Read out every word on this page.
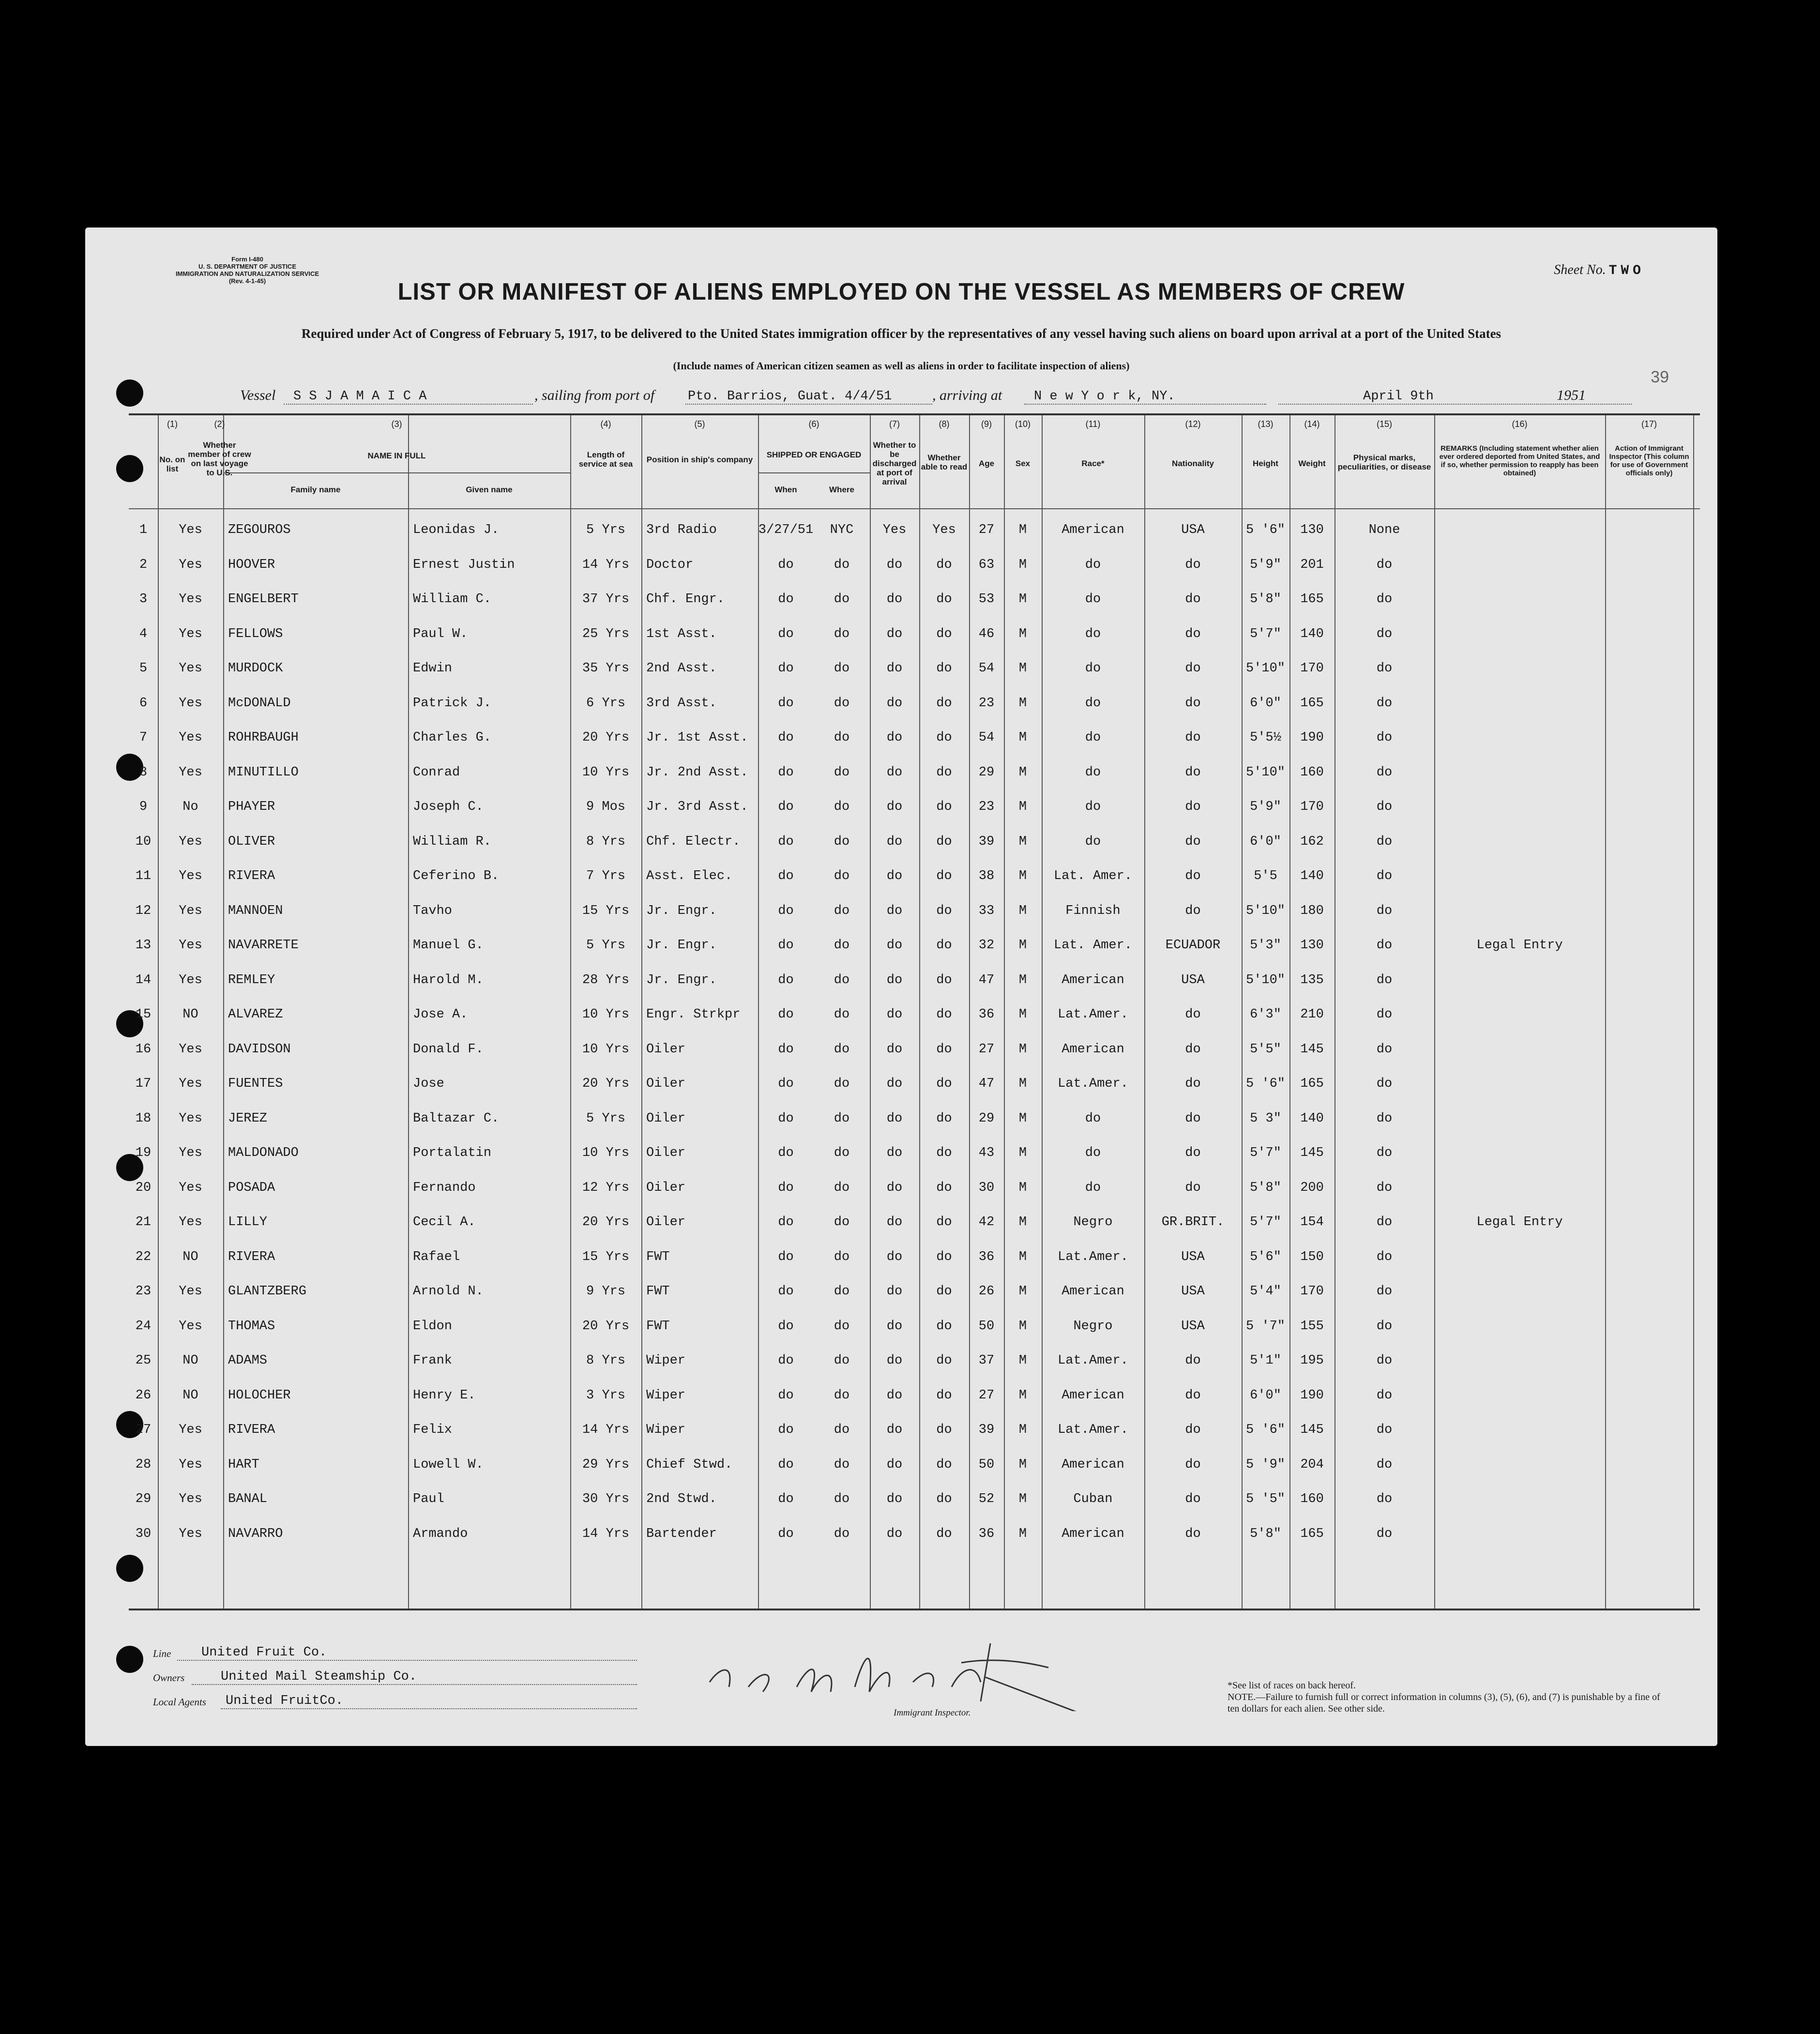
Form I-480
U. S. DEPARTMENT OF JUSTICE
IMMIGRATION AND NATURALIZATION SERVICE
(Rev. 4-1-45)
Sheet No. TWO
39
LIST OR MANIFEST OF ALIENS EMPLOYED ON THE VESSEL AS MEMBERS OF CREW
Required under Act of Congress of February 5, 1917, to be delivered to the United States immigration officer by the representatives of any vessel having such aliens on board upon arrival at a port of the United States
(Include names of American citizen seamen as well as aliens in order to facilitate inspection of aliens)
Vessel S S J A M A I C A	, sailing from port of	Pto. Barrios, Guat. 4/4/51	, arriving at N e w Y o r k, NY.	April 9th	1951
(1)	(2)	(3)	(4)	(5)	(6)	(7)	(8)	(9)	(10)	(11)	(12)	(13)	(14)	(15)	(16)	(17)
No. on list
Whether member of crew on last voyage to U.S.
NAME IN FULL
Family name	Given name
Length of service at sea	Position in ship's company
SHIPPED OR ENGAGED
When	Where
Whether to be discharged at port of arrival
Whether able to read	Age	Sex	Race*	Nationality	Height	Weight
Physical marks, peculiarities, or disease
REMARKS (Including statement whether alien ever ordered deported from United States, and if so, whether permission to reapply has been obtained)
Action of Immigrant Inspector (This column for use of Government officials only)
1	Yes	ZEGOUROS	Leonidas J.	5 Yrs	3rd Radio	3/27/51	NYC	Yes	Yes	27	M	American	USA	5 '6"	130	None
2	Yes	HOOVER	Ernest Justin	14 Yrs	Doctor	do	do	do	do	63	M	do	do	5'9"	201	do
3	Yes	ENGELBERT	William C.	37 Yrs	Chf. Engr.	do	do	do	do	53	M	do	do	5'8"	165	do
4	Yes	FELLOWS	Paul W.	25 Yrs	1st Asst.	do	do	do	do	46	M	do	do	5'7"	140	do
5	Yes	MURDOCK	Edwin	35 Yrs	2nd Asst.	do	do	do	do	54	M	do	do	5'10"	170	do
6	Yes	McDONALD	Patrick J.	6 Yrs	3rd Asst.	do	do	do	do	23	M	do	do	6'0"	165	do
7	Yes	ROHRBAUGH	Charles G.	20 Yrs	Jr. 1st Asst.	do	do	do	do	54	M	do	do	5'5½	190	do
8	Yes	MINUTILLO	Conrad	10 Yrs	Jr. 2nd Asst.	do	do	do	do	29	M	do	do	5'10"	160	do
9	No	PHAYER	Joseph C.	9 Mos	Jr. 3rd Asst.	do	do	do	do	23	M	do	do	5'9"	170	do
10	Yes	OLIVER	William R.	8 Yrs	Chf. Electr.	do	do	do	do	39	M	do	do	6'0"	162	do
11	Yes	RIVERA	Ceferino B.	7 Yrs	Asst. Elec.	do	do	do	do	38	M	Lat. Amer.	do	5'5	140	do
12	Yes	MANNOEN	Tavho	15 Yrs	Jr. Engr.	do	do	do	do	33	M	Finnish	do	5'10"	180	do
13	Yes	NAVARRETE	Manuel G.	5 Yrs	Jr. Engr.	do	do	do	do	32	M	Lat. Amer.	ECUADOR	5'3"	130	do	Legal Entry
14	Yes	REMLEY	Harold M.	28 Yrs	Jr. Engr.	do	do	do	do	47	M	American	USA	5'10"	135	do
15	NO	ALVAREZ	Jose A.	10 Yrs	Engr. Strkpr	do	do	do	do	36	M	Lat.Amer.	do	6'3"	210	do
16	Yes	DAVIDSON	Donald F.	10 Yrs	Oiler	do	do	do	do	27	M	American	do	5'5"	145	do
17	Yes	FUENTES	Jose	20 Yrs	Oiler	do	do	do	do	47	M	Lat.Amer.	do	5 '6"	165	do
18	Yes	JEREZ	Baltazar C.	5 Yrs	Oiler	do	do	do	do	29	M	do	do	5 3"	140	do
19	Yes	MALDONADO	Portalatin	10 Yrs	Oiler	do	do	do	do	43	M	do	do	5'7"	145	do
20	Yes	POSADA	Fernando	12 Yrs	Oiler	do	do	do	do	30	M	do	do	5'8"	200	do
21	Yes	LILLY	Cecil A.	20 Yrs	Oiler	do	do	do	do	42	M	Negro	GR.BRIT.	5'7"	154	do	Legal Entry
22	NO	RIVERA	Rafael	15 Yrs	FWT	do	do	do	do	36	M	Lat.Amer.	USA	5'6"	150	do
23	Yes	GLANTZBERG	Arnold N.	9 Yrs	FWT	do	do	do	do	26	M	American	USA	5'4"	170	do
24	Yes	THOMAS	Eldon	20 Yrs	FWT	do	do	do	do	50	M	Negro	USA	5 '7"	155	do
25	NO	ADAMS	Frank	8 Yrs	Wiper	do	do	do	do	37	M	Lat.Amer.	do	5'1"	195	do
26	NO	HOLOCHER	Henry E.	3 Yrs	Wiper	do	do	do	do	27	M	American	do	6'0"	190	do
27	Yes	RIVERA	Felix	14 Yrs	Wiper	do	do	do	do	39	M	Lat.Amer.	do	5 '6"	145	do
28	Yes	HART	Lowell W.	29 Yrs	Chief Stwd.	do	do	do	do	50	M	American	do	5 '9"	204	do
29	Yes	BANAL	Paul	30 Yrs	2nd Stwd.	do	do	do	do	52	M	Cuban	do	5 '5"	160	do
30	Yes	NAVARRO	Armando	14 Yrs	Bartender	do	do	do	do	36	M	American	do	5'8"	165	do
Line United Fruit Co.
Owners	United Mail Steamship Co.
Local Agents United FruitCo.
Immigrant Inspector.
*See list of races on back hereof.
NOTE.—Failure to furnish full or correct information in columns (3), (5), (6), and (7) is punishable by a fine of ten dollars for each alien. See other side.
